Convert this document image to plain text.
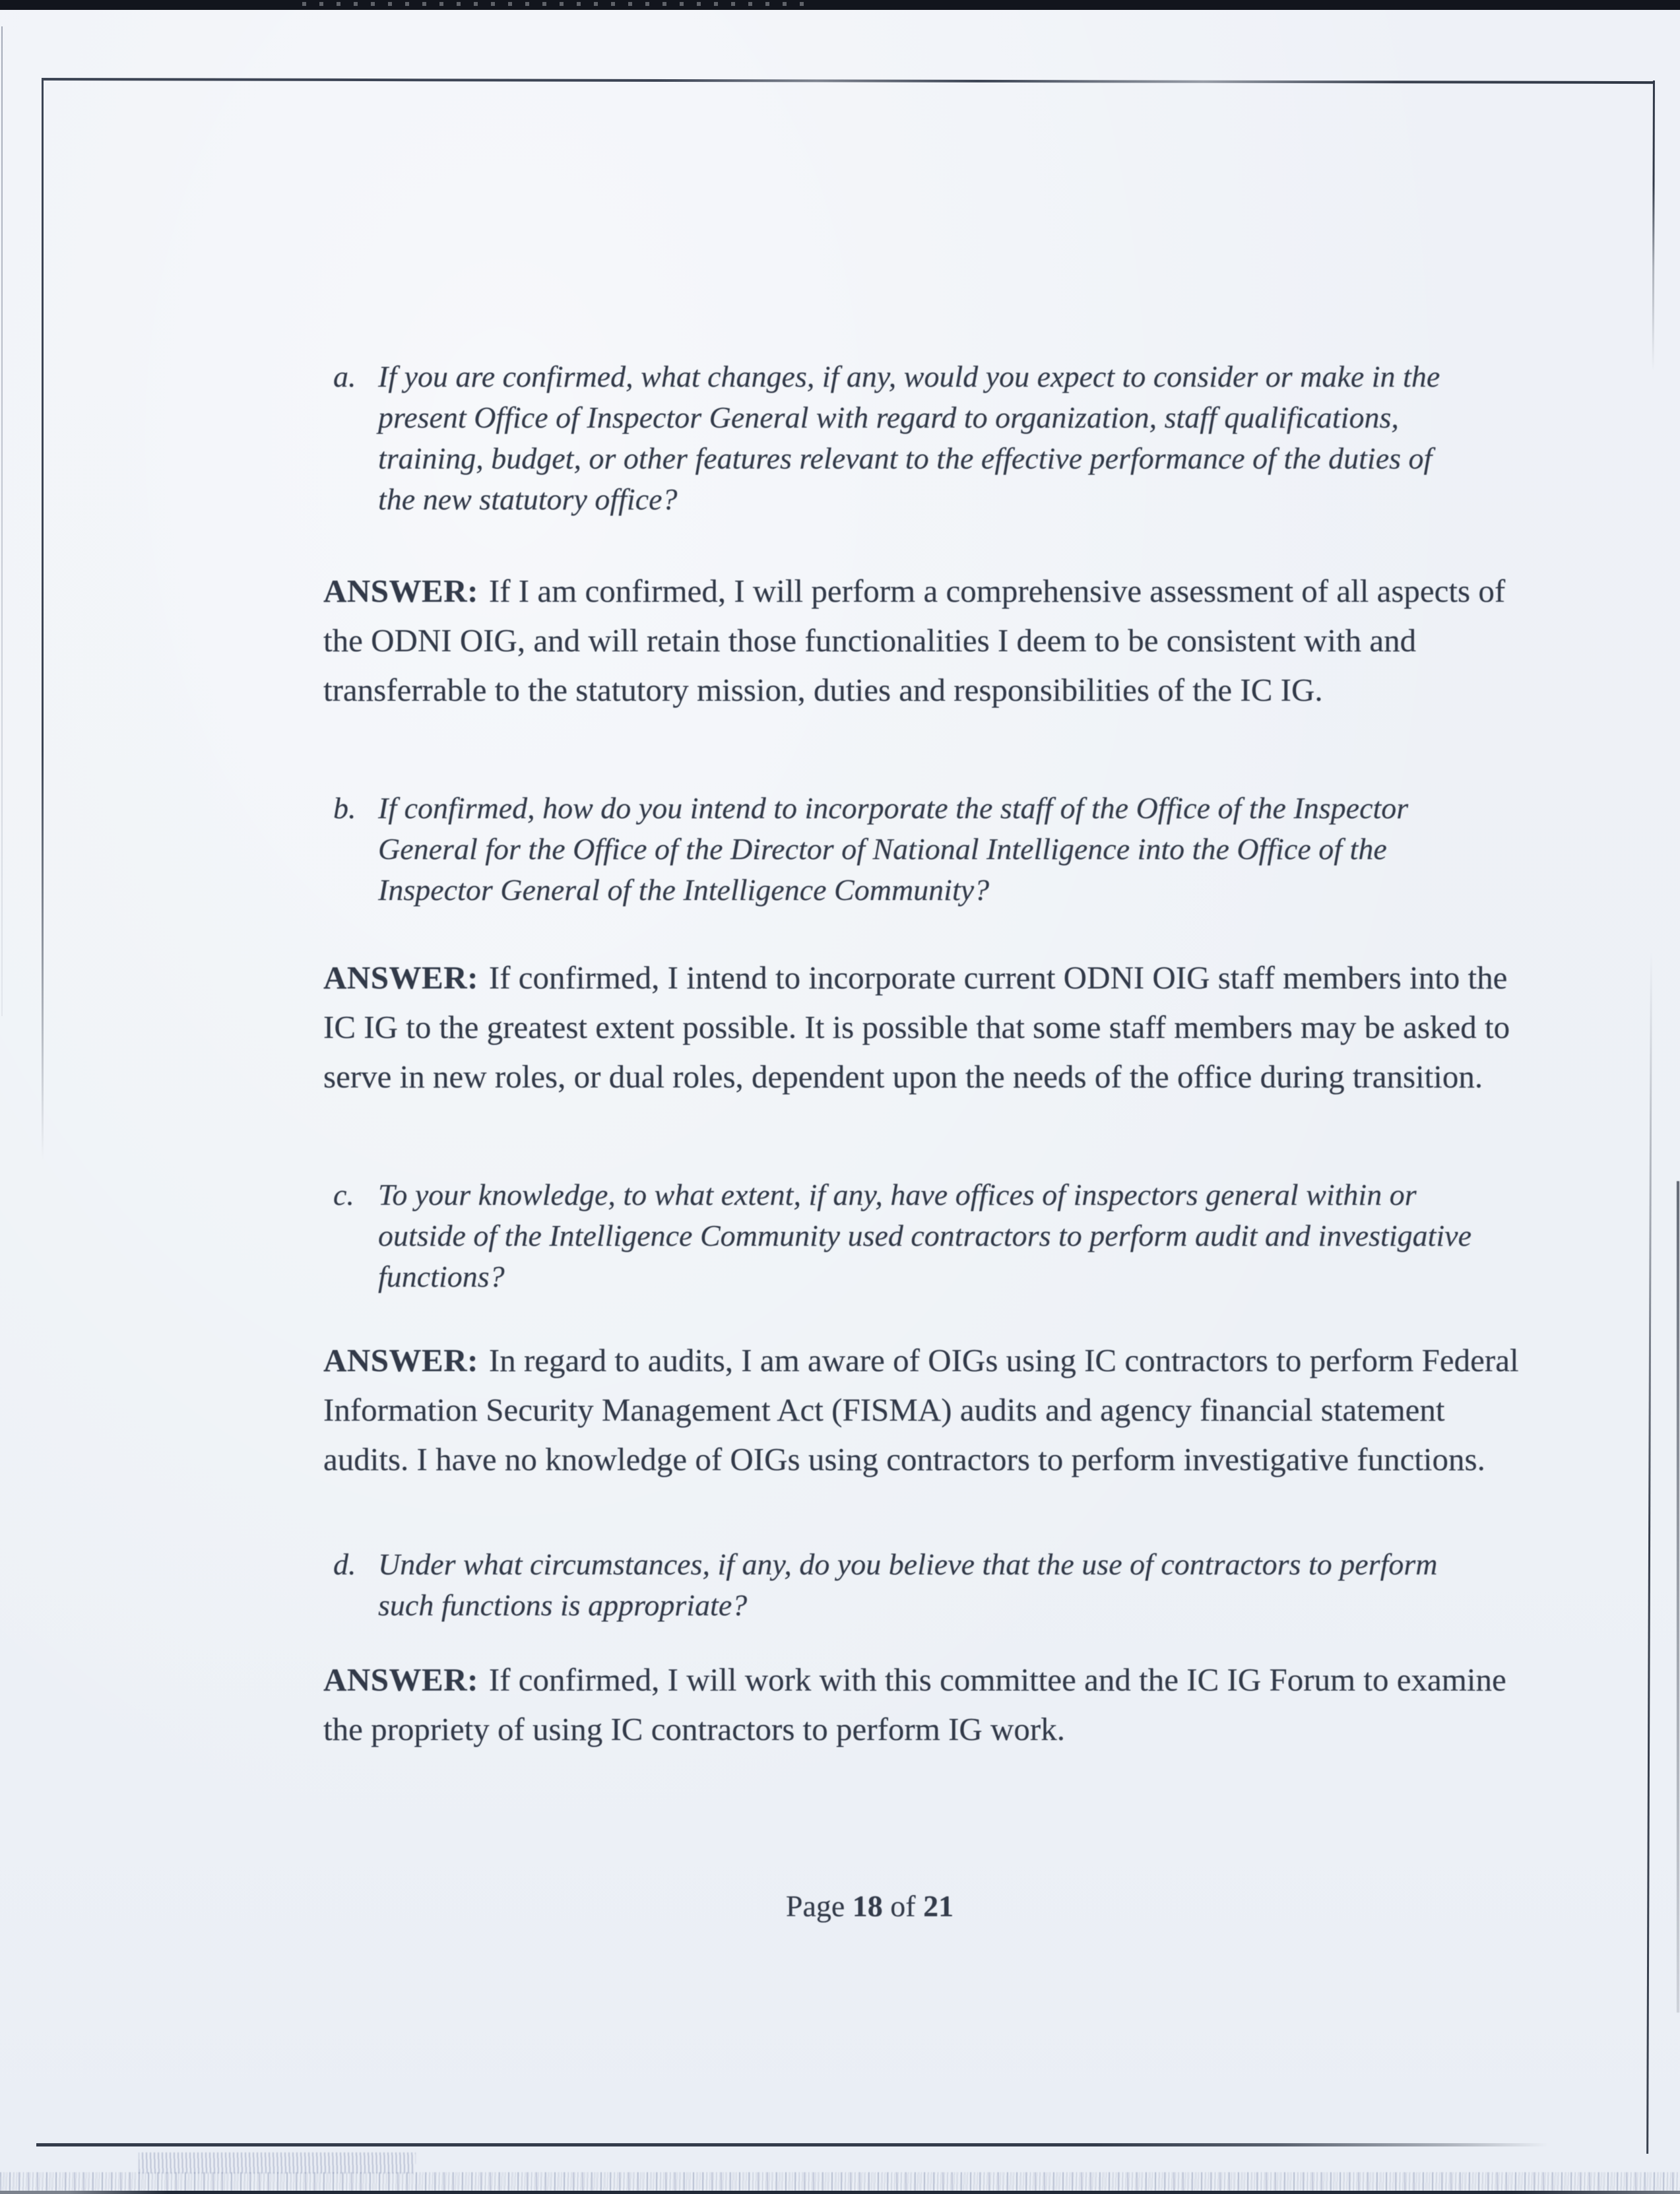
a. If you are confirmed, what changes, if any, would you expect to consider or make in the present Office of Inspector General with regard to organization, staff qualifications, training, budget, or other features relevant to the effective performance of the duties of the new statutory office?

ANSWER: If I am confirmed, I will perform a comprehensive assessment of all aspects of the ODNI OIG, and will retain those functionalities I deem to be consistent with and transferrable to the statutory mission, duties and responsibilities of the IC IG.

b. If confirmed, how do you intend to incorporate the staff of the Office of the Inspector General for the Office of the Director of National Intelligence into the Office of the Inspector General of the Intelligence Community?

ANSWER: If confirmed, I intend to incorporate current ODNI OIG staff members into the IC IG to the greatest extent possible. It is possible that some staff members may be asked to serve in new roles, or dual roles, dependent upon the needs of the office during transition.

c. To your knowledge, to what extent, if any, have offices of inspectors general within or outside of the Intelligence Community used contractors to perform audit and investigative functions?

ANSWER: In regard to audits, I am aware of OIGs using IC contractors to perform Federal Information Security Management Act (FISMA) audits and agency financial statement audits. I have no knowledge of OIGs using contractors to perform investigative functions.

d. Under what circumstances, if any, do you believe that the use of contractors to perform such functions is appropriate?

ANSWER: If confirmed, I will work with this committee and the IC IG Forum to examine the propriety of using IC contractors to perform IG work.

Page 18 of 21
